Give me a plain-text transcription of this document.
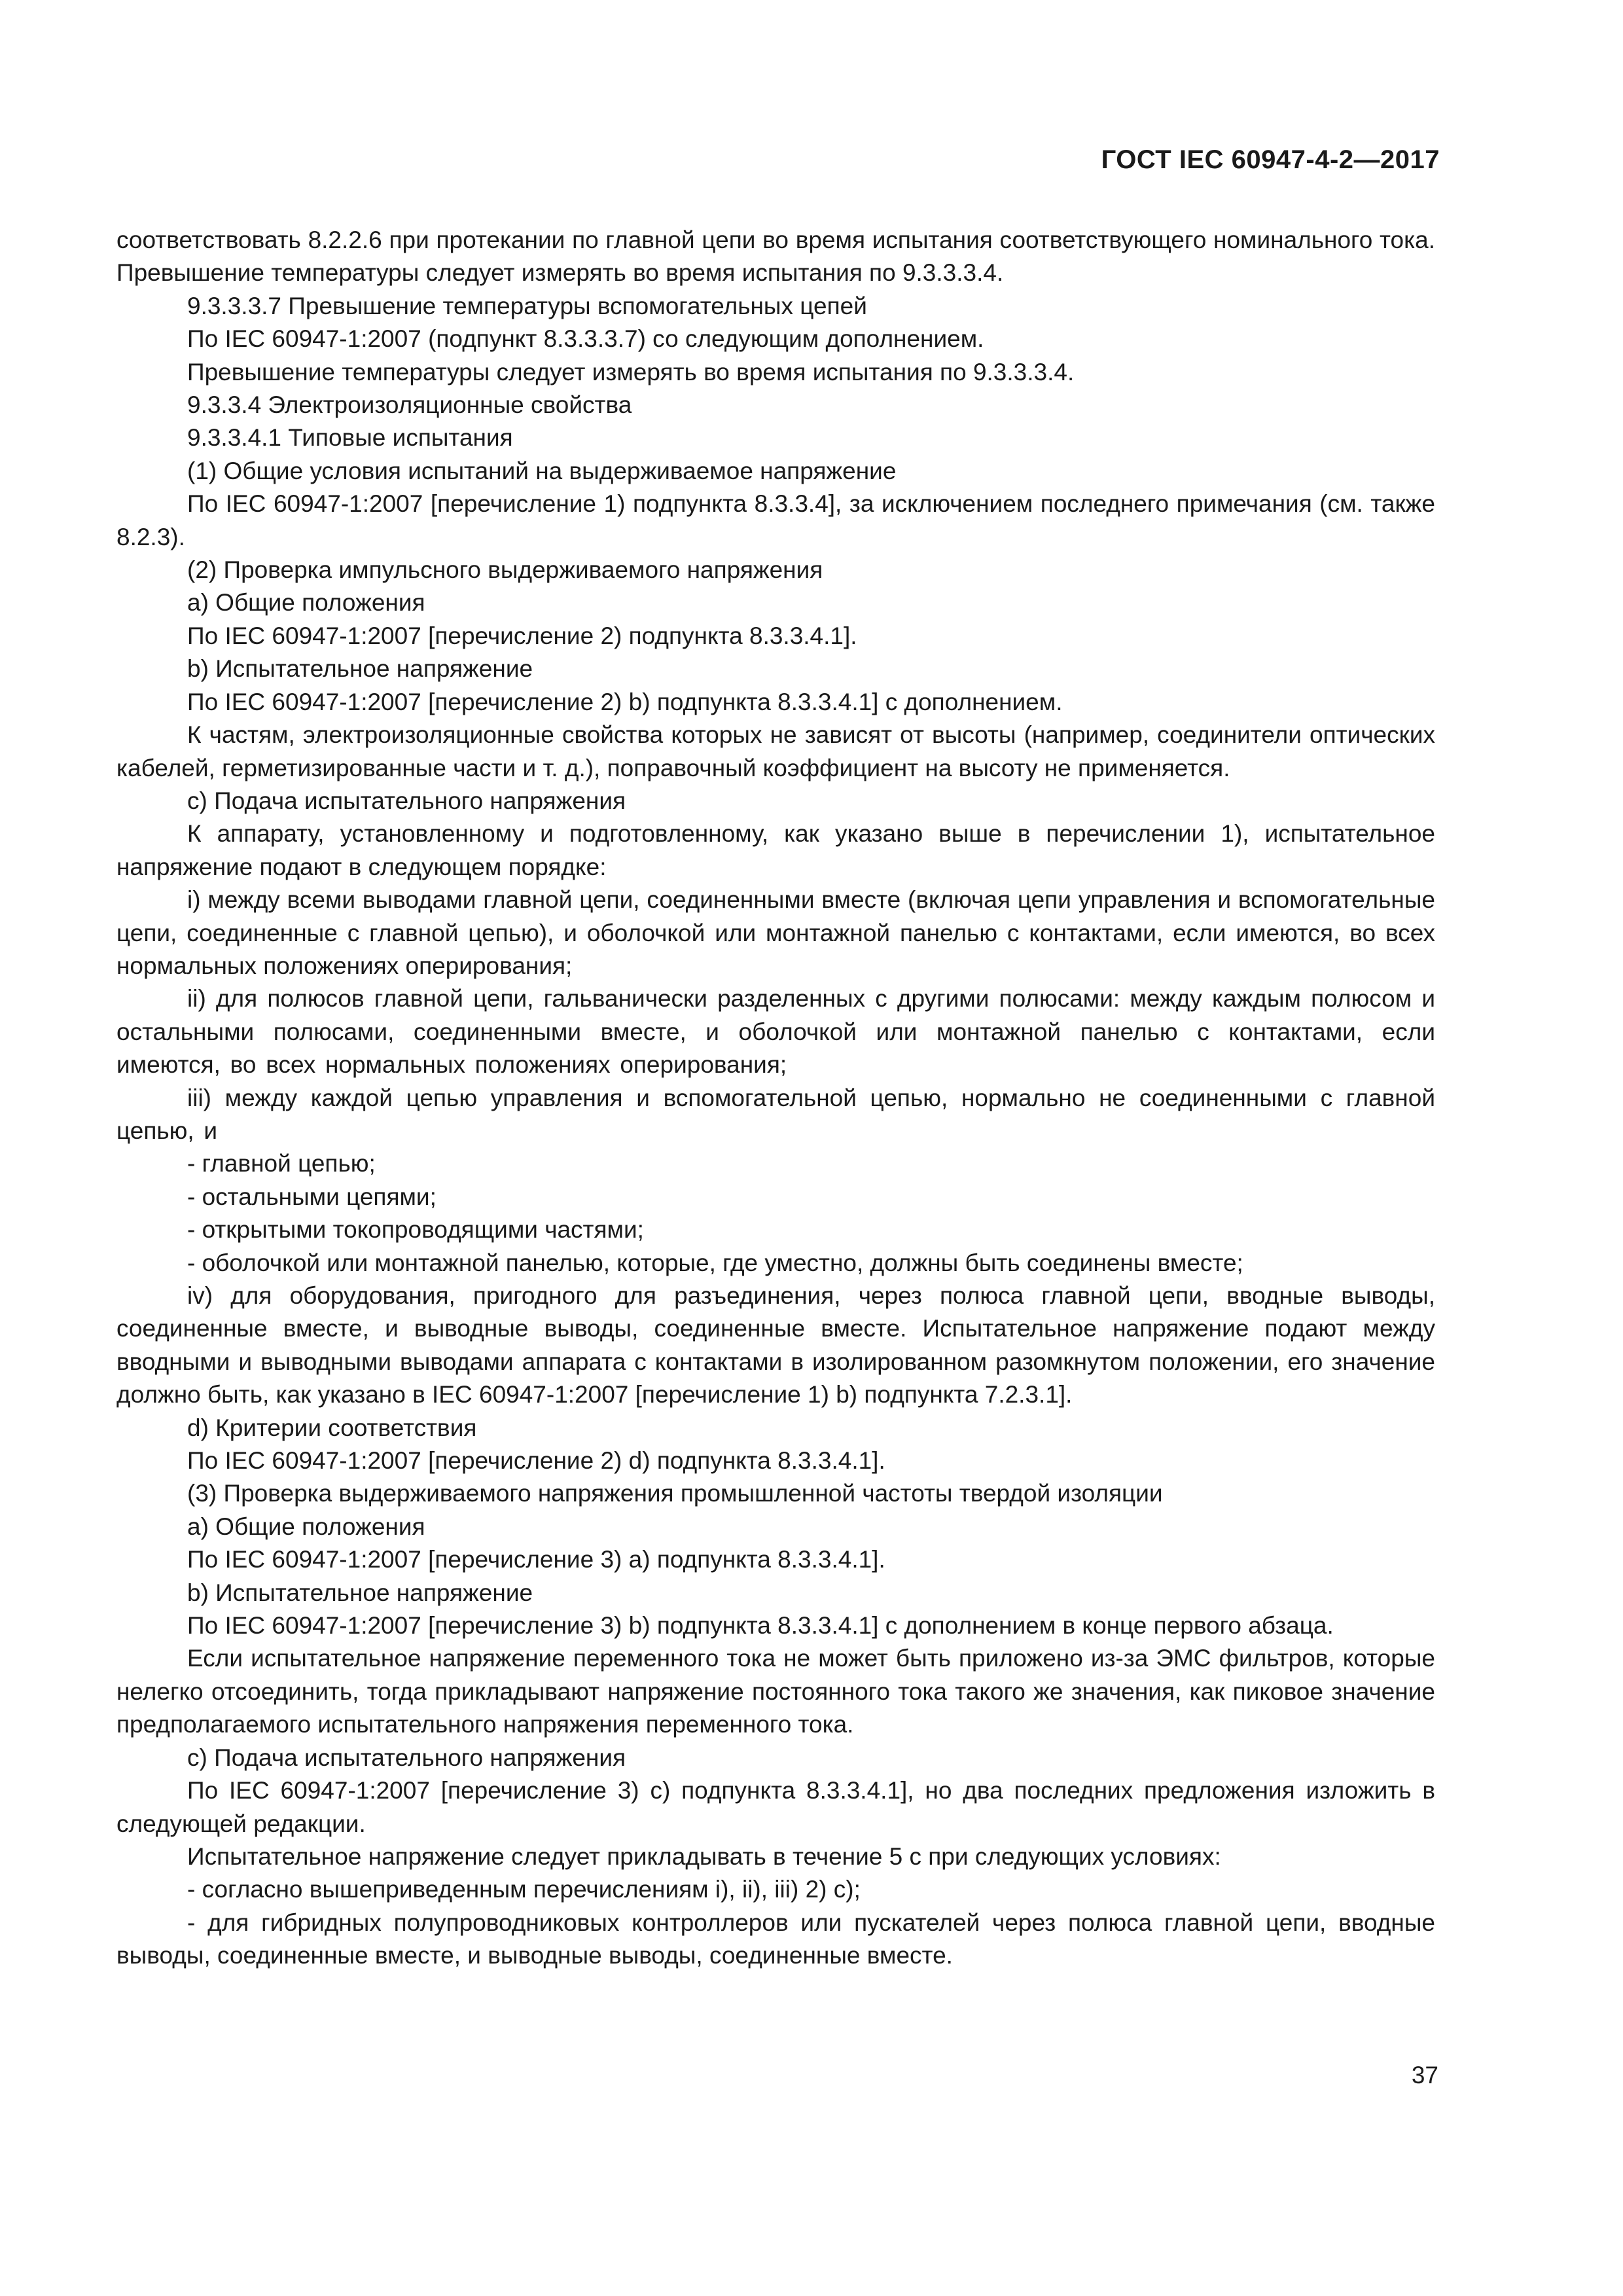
ГОСТ IEC 60947-4-2—2017
соответствовать 8.2.2.6 при протекании по главной цепи во время испытания соответствующего номинального тока. Превышение температуры следует измерять во время испытания по 9.3.3.3.4.
9.3.3.3.7 Превышение температуры вспомогательных цепей
По IEC 60947-1:2007 (подпункт 8.3.3.3.7) со следующим дополнением.
Превышение температуры следует измерять во время испытания по 9.3.3.3.4.
9.3.3.4 Электроизоляционные свойства
9.3.3.4.1 Типовые испытания
(1) Общие условия испытаний на выдерживаемое напряжение
По IEC 60947-1:2007 [перечисление 1) подпункта 8.3.3.4], за исключением последнего примечания (см. также 8.2.3).
(2) Проверка импульсного выдерживаемого напряжения
a) Общие положения
По IEC 60947-1:2007 [перечисление 2) подпункта 8.3.3.4.1].
b) Испытательное напряжение
По IEC 60947-1:2007 [перечисление 2) b) подпункта 8.3.3.4.1] с дополнением.
К частям, электроизоляционные свойства которых не зависят от высоты (например, соединители оптических кабелей, герметизированные части и т. д.), поправочный коэффициент на высоту не применяется.
c) Подача испытательного напряжения
К аппарату, установленному и подготовленному, как указано выше в перечислении 1), испытательное напряжение подают в следующем порядке:
i) между всеми выводами главной цепи, соединенными вместе (включая цепи управления и вспомогательные цепи, соединенные с главной цепью), и оболочкой или монтажной панелью с контактами, если имеются, во всех нормальных положениях оперирования;
ii) для полюсов главной цепи, гальванически разделенных с другими полюсами: между каждым полюсом и остальными полюсами, соединенными вместе, и оболочкой или монтажной панелью с контактами, если имеются, во всех нормальных положениях оперирования;
iii) между каждой цепью управления и вспомогательной цепью, нормально не соединенными с главной цепью, и
- главной цепью;
- остальными цепями;
- открытыми токопроводящими частями;
- оболочкой или монтажной панелью, которые, где уместно, должны быть соединены вместе;
iv) для оборудования, пригодного для разъединения, через полюса главной цепи, вводные выводы, соединенные вместе, и выводные выводы, соединенные вместе. Испытательное напряжение подают между вводными и выводными выводами аппарата с контактами в изолированном разомкнутом положении, его значение должно быть, как указано в IEC 60947-1:2007 [перечисление 1) b) подпункта 7.2.3.1].
d) Критерии соответствия
По IEC 60947-1:2007 [перечисление 2) d) подпункта 8.3.3.4.1].
(3) Проверка выдерживаемого напряжения промышленной частоты твердой изоляции
a) Общие положения
По IEC 60947-1:2007 [перечисление 3) a) подпункта 8.3.3.4.1].
b) Испытательное напряжение
По IEC 60947-1:2007 [перечисление 3) b) подпункта 8.3.3.4.1] с дополнением в конце первого абзаца.
Если испытательное напряжение переменного тока не может быть приложено из-за ЭМС фильтров, которые нелегко отсоединить, тогда прикладывают напряжение постоянного тока такого же значения, как пиковое значение предполагаемого испытательного напряжения переменного тока.
c) Подача испытательного напряжения
По IEC 60947-1:2007 [перечисление 3) c) подпункта 8.3.3.4.1], но два последних предложения изложить в следующей редакции.
Испытательное напряжение следует прикладывать в течение 5 с при следующих условиях:
- согласно вышеприведенным перечислениям i), ii), iii) 2) c);
- для гибридных полупроводниковых контроллеров или пускателей через полюса главной цепи, вводные выводы, соединенные вместе, и выводные выводы, соединенные вместе.
37
